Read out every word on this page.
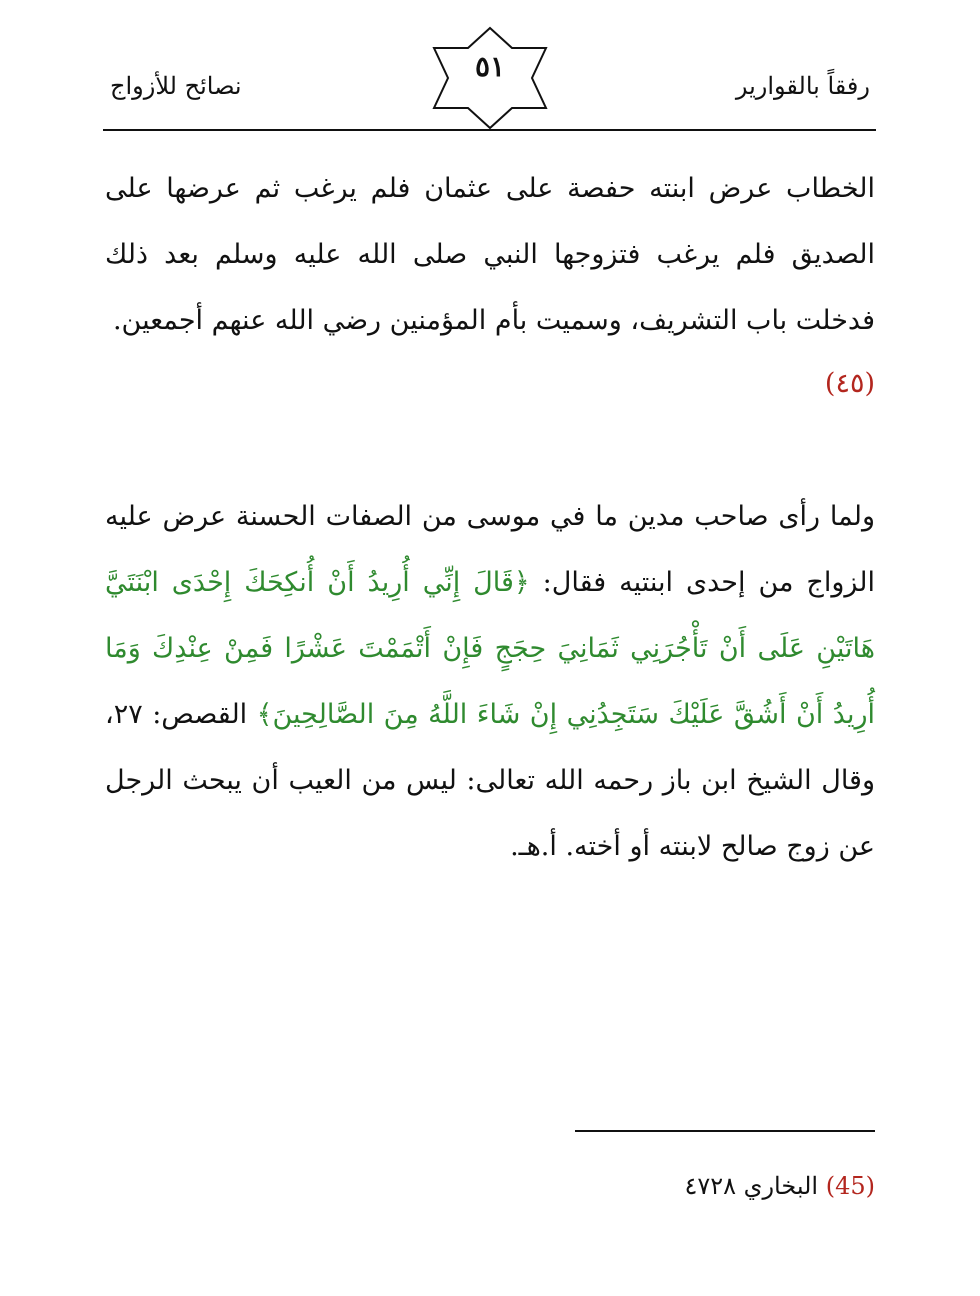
نصائح للأزواج
٥١
رفقاً بالقوارير
الخطاب عرض ابنته حفصة على عثمان فلم يرغب ثم عرضها على الصديق فلم يرغب فتزوجها النبي صلى الله عليه وسلم بعد ذلك فدخلت باب التشريف، وسميت بأم المؤمنين رضي الله عنهم أجمعين.
(٤٥)
ولما رأى صاحب مدين ما في موسى من الصفات الحسنة عرض عليه الزواج من إحدى ابنتيه فقال: ﴿قَالَ إِنِّي أُرِيدُ أَنْ أُنكِحَكَ إِحْدَى ابْنَتَيَّ هَاتَيْنِ عَلَى أَنْ تَأْجُرَنِي ثَمَانِيَ حِجَجٍ فَإِنْ أَتْمَمْتَ عَشْرًا فَمِنْ عِنْدِكَ وَمَا أُرِيدُ أَنْ أَشُقَّ عَلَيْكَ سَتَجِدُنِي إِنْ شَاءَ اللَّهُ مِنَ الصَّالِحِينَ﴾ القصص: ٢٧، وقال الشيخ ابن باز رحمه الله تعالى: ليس من العيب أن يبحث الرجل عن زوج صالح لابنته أو أخته. أ.هـ.
(45) البخاري ٤٧٢٨
